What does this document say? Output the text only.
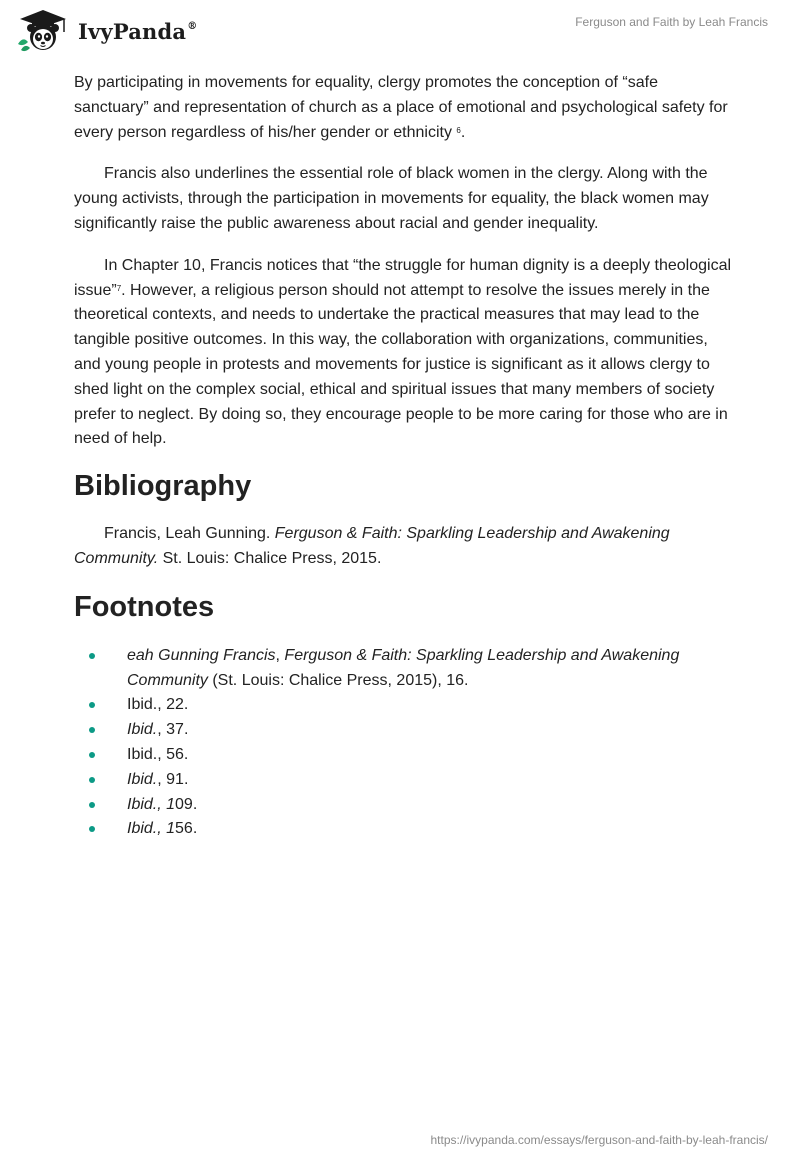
IvyPanda®	Ferguson and Faith by Leah Francis

By participating in movements for equality, clergy promotes the conception of “safe sanctuary” and representation of church as a place of emotional and psychological safety for every person regardless of his/her gender or ethnicity $^6$.

Francis also underlines the essential role of black women in the clergy. Along with the young activists, through the participation in movements for equality, the black women may significantly raise the public awareness about racial and gender inequality.

In Chapter 10, Francis notices that “the struggle for human dignity is a deeply theological issue”$^7$. However, a religious person should not attempt to resolve the issues merely in the theoretical contexts, and needs to undertake the practical measures that may lead to the tangible positive outcomes. In this way, the collaboration with organizations, communities, and young people in protests and movements for justice is significant as it allows clergy to shed light on the complex social, ethical and spiritual issues that many members of society prefer to neglect. By doing so, they encourage people to be more caring for those who are in need of help.

Bibliography

Francis, Leah Gunning. Ferguson & Faith: Sparkling Leadership and Awakening Community. St. Louis: Chalice Press, 2015.

Footnotes
eah Gunning Francis, Ferguson & Faith: Sparkling Leadership and Awakening Community (St. Louis: Chalice Press, 2015), 16.
Ibid., 22.
Ibid., 37.
Ibid., 56.
Ibid., 91.
Ibid., 109.
Ibid., 156.
https://ivypanda.com/essays/ferguson-and-faith-by-leah-francis/
